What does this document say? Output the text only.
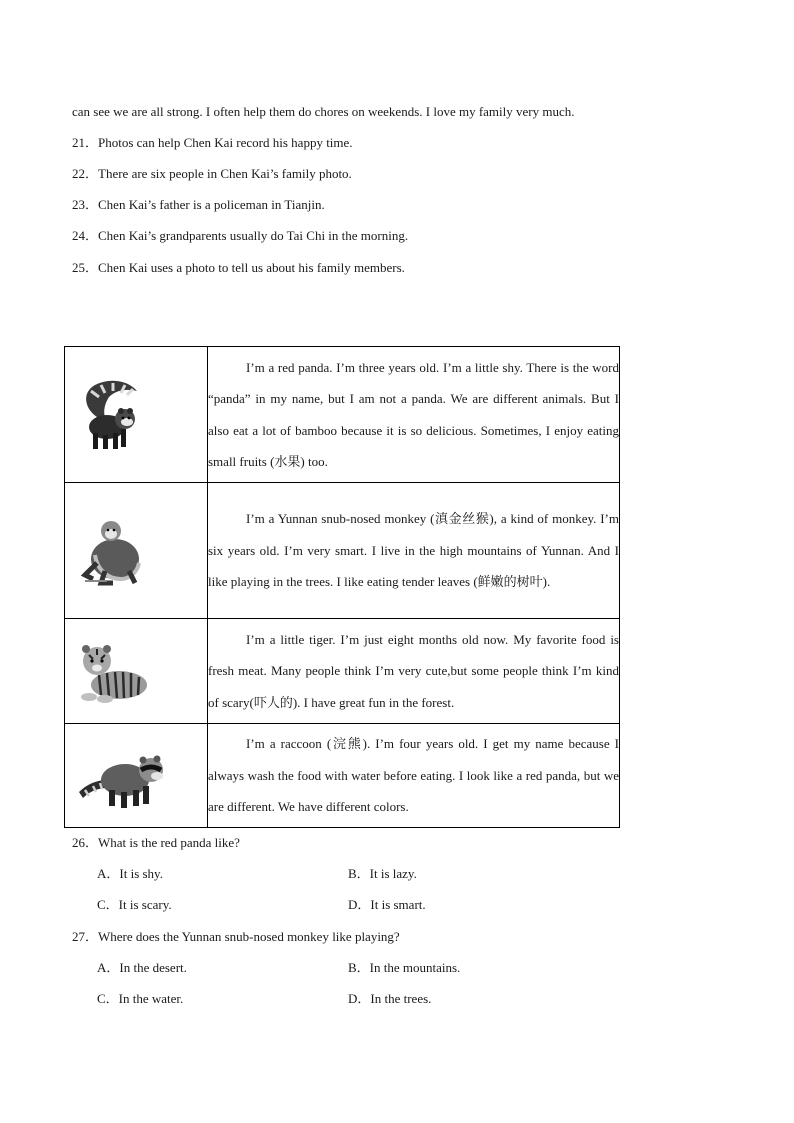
can see we are all strong. I often help them do chores on weekends. I love my family very much.
21．Photos can help Chen Kai record his happy time.
22．There are six people in Chen Kai’s family photo.
23．Chen Kai’s father is a policeman in Tianjin.
24．Chen Kai’s grandparents usually do Tai Chi in the morning.
25．Chen Kai uses a photo to tell us about his family members.

I’m a red panda. I’m three years old. I’m a little shy. There is the word “panda” in my name, but I am not a panda. We are different animals. But I also eat a lot of bamboo because it is so delicious. Sometimes, I enjoy eating small fruits (水果) too.

I’m a Yunnan snub-nosed monkey (滇金丝猴), a kind of monkey. I’m six years old. I’m very smart. I live in the high mountains of Yunnan. And I like playing in the trees. I like eating tender leaves (鲜嫩的树叶).

I’m a little tiger. I’m just eight months old now. My favorite food is fresh meat. Many people think I’m very cute,but some people think I’m kind of scary(吓人的). I have great fun in the forest.

I’m a raccoon (浣熊). I’m four years old. I get my name because I always wash the food with water before eating. I look like a red panda, but we are different. We have different colors.

26．What is the red panda like?
A．It is shy.	B．It is lazy.
C．It is scary.	D．It is smart.
27．Where does the Yunnan snub-nosed monkey like playing?
A．In the desert.	B．In the mountains.
C．In the water.	D．In the trees.
